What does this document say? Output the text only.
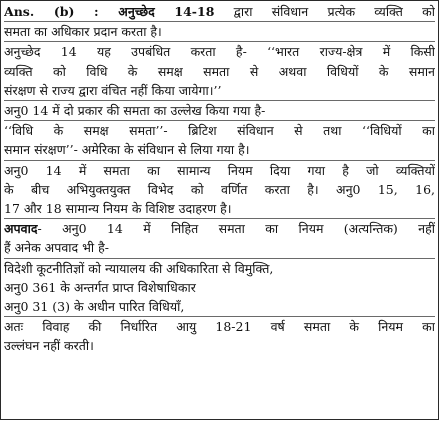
Ans. (b) : अनुच्छेद 14-18 द्वारा संविधान प्रत्येक व्यक्ति को
समता का अधिकार प्रदान करता है।
अनुच्छेद 14 यह उपबंधित करता है- ‘‘भारत राज्य-क्षेत्र में किसी
व्यक्ति को विधि के समक्ष समता से अथवा विधियों के समान
संरक्षण से राज्य द्वारा वंचित नहीं किया जायेगा।’’
अनु0 14 में दो प्रकार की समता का उल्लेख किया गया है-
‘‘विधि के समक्ष समता’’- ब्रिटिश संविधान से तथा ‘‘विधियों का
समान संरक्षण’’- अमेरिका के संविधान से लिया गया है।
अनु0 14 में समता का सामान्य नियम दिया गया है जो व्यक्तियों
के बीच अभियुक्तयुक्त विभेद को वर्णित करता है। अनु0 15, 16,
17 और 18 सामान्य नियम के विशिष्ट उदाहरण है।
अपवाद- अनु0 14 में निहित समता का नियम (अत्यन्तिक) नहीं
हैं अनेक अपवाद भी है-
विदेशी कूटनीतिज्ञों को न्यायालय की अधिकारिता से विमुक्ति,
अनु0 361 के अन्तर्गत प्राप्त विशेषाधिकार
अनु0 31 (3) के अधीन पारित विधियाँ,
अतः विवाह की निर्धारित आयु 18-21 वर्ष समता के नियम का
उल्लंघन नहीं करती।
